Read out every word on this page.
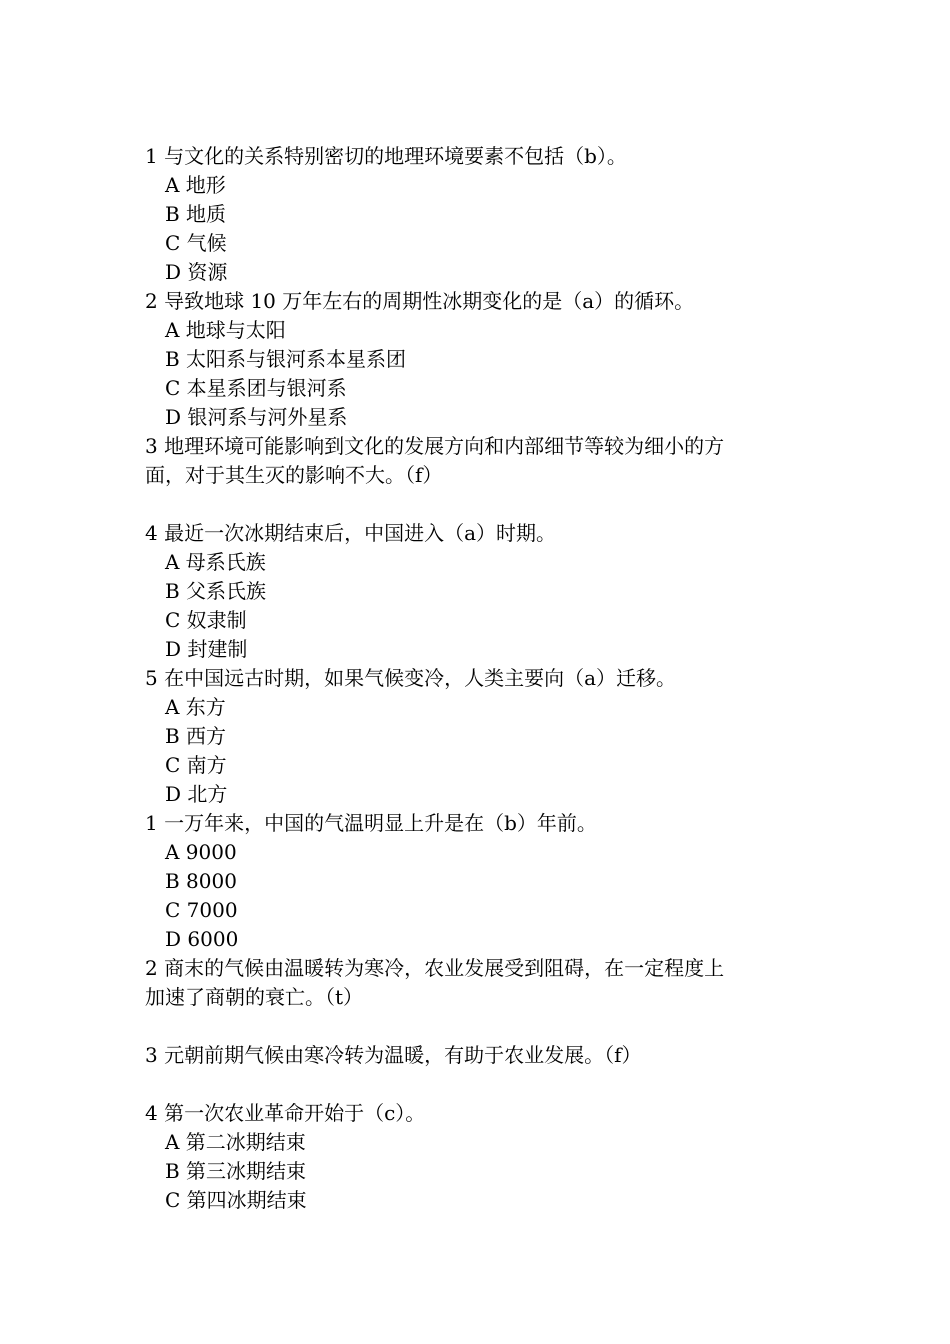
1 与文化的关系特别密切的地理环境要素不包括（b）。
A 地形
B 地质
C 气候
D 资源
2 导致地球 10 万年左右的周期性冰期变化的是（a）的循环。
A 地球与太阳
B 太阳系与银河系本星系团
C 本星系团与银河系
D 银河系与河外星系
3 地理环境可能影响到文化的发展方向和内部细节等较为细小的方
面，对于其生灭的影响不大。（f）
4 最近一次冰期结束后，中国进入（a）时期。
A 母系氏族
B 父系氏族
C 奴隶制
D 封建制
5 在中国远古时期，如果气候变冷，人类主要向（a）迁移。
A 东方
B 西方
C 南方
D 北方
1 一万年来，中国的气温明显上升是在（b）年前。
A 9000
B 8000
C 7000
D 6000
2 商末的气候由温暖转为寒冷，农业发展受到阻碍，在一定程度上
加速了商朝的衰亡。（t）
3 元朝前期气候由寒冷转为温暖，有助于农业发展。（f）
4 第一次农业革命开始于（c）。
A 第二冰期结束
B 第三冰期结束
C 第四冰期结束
